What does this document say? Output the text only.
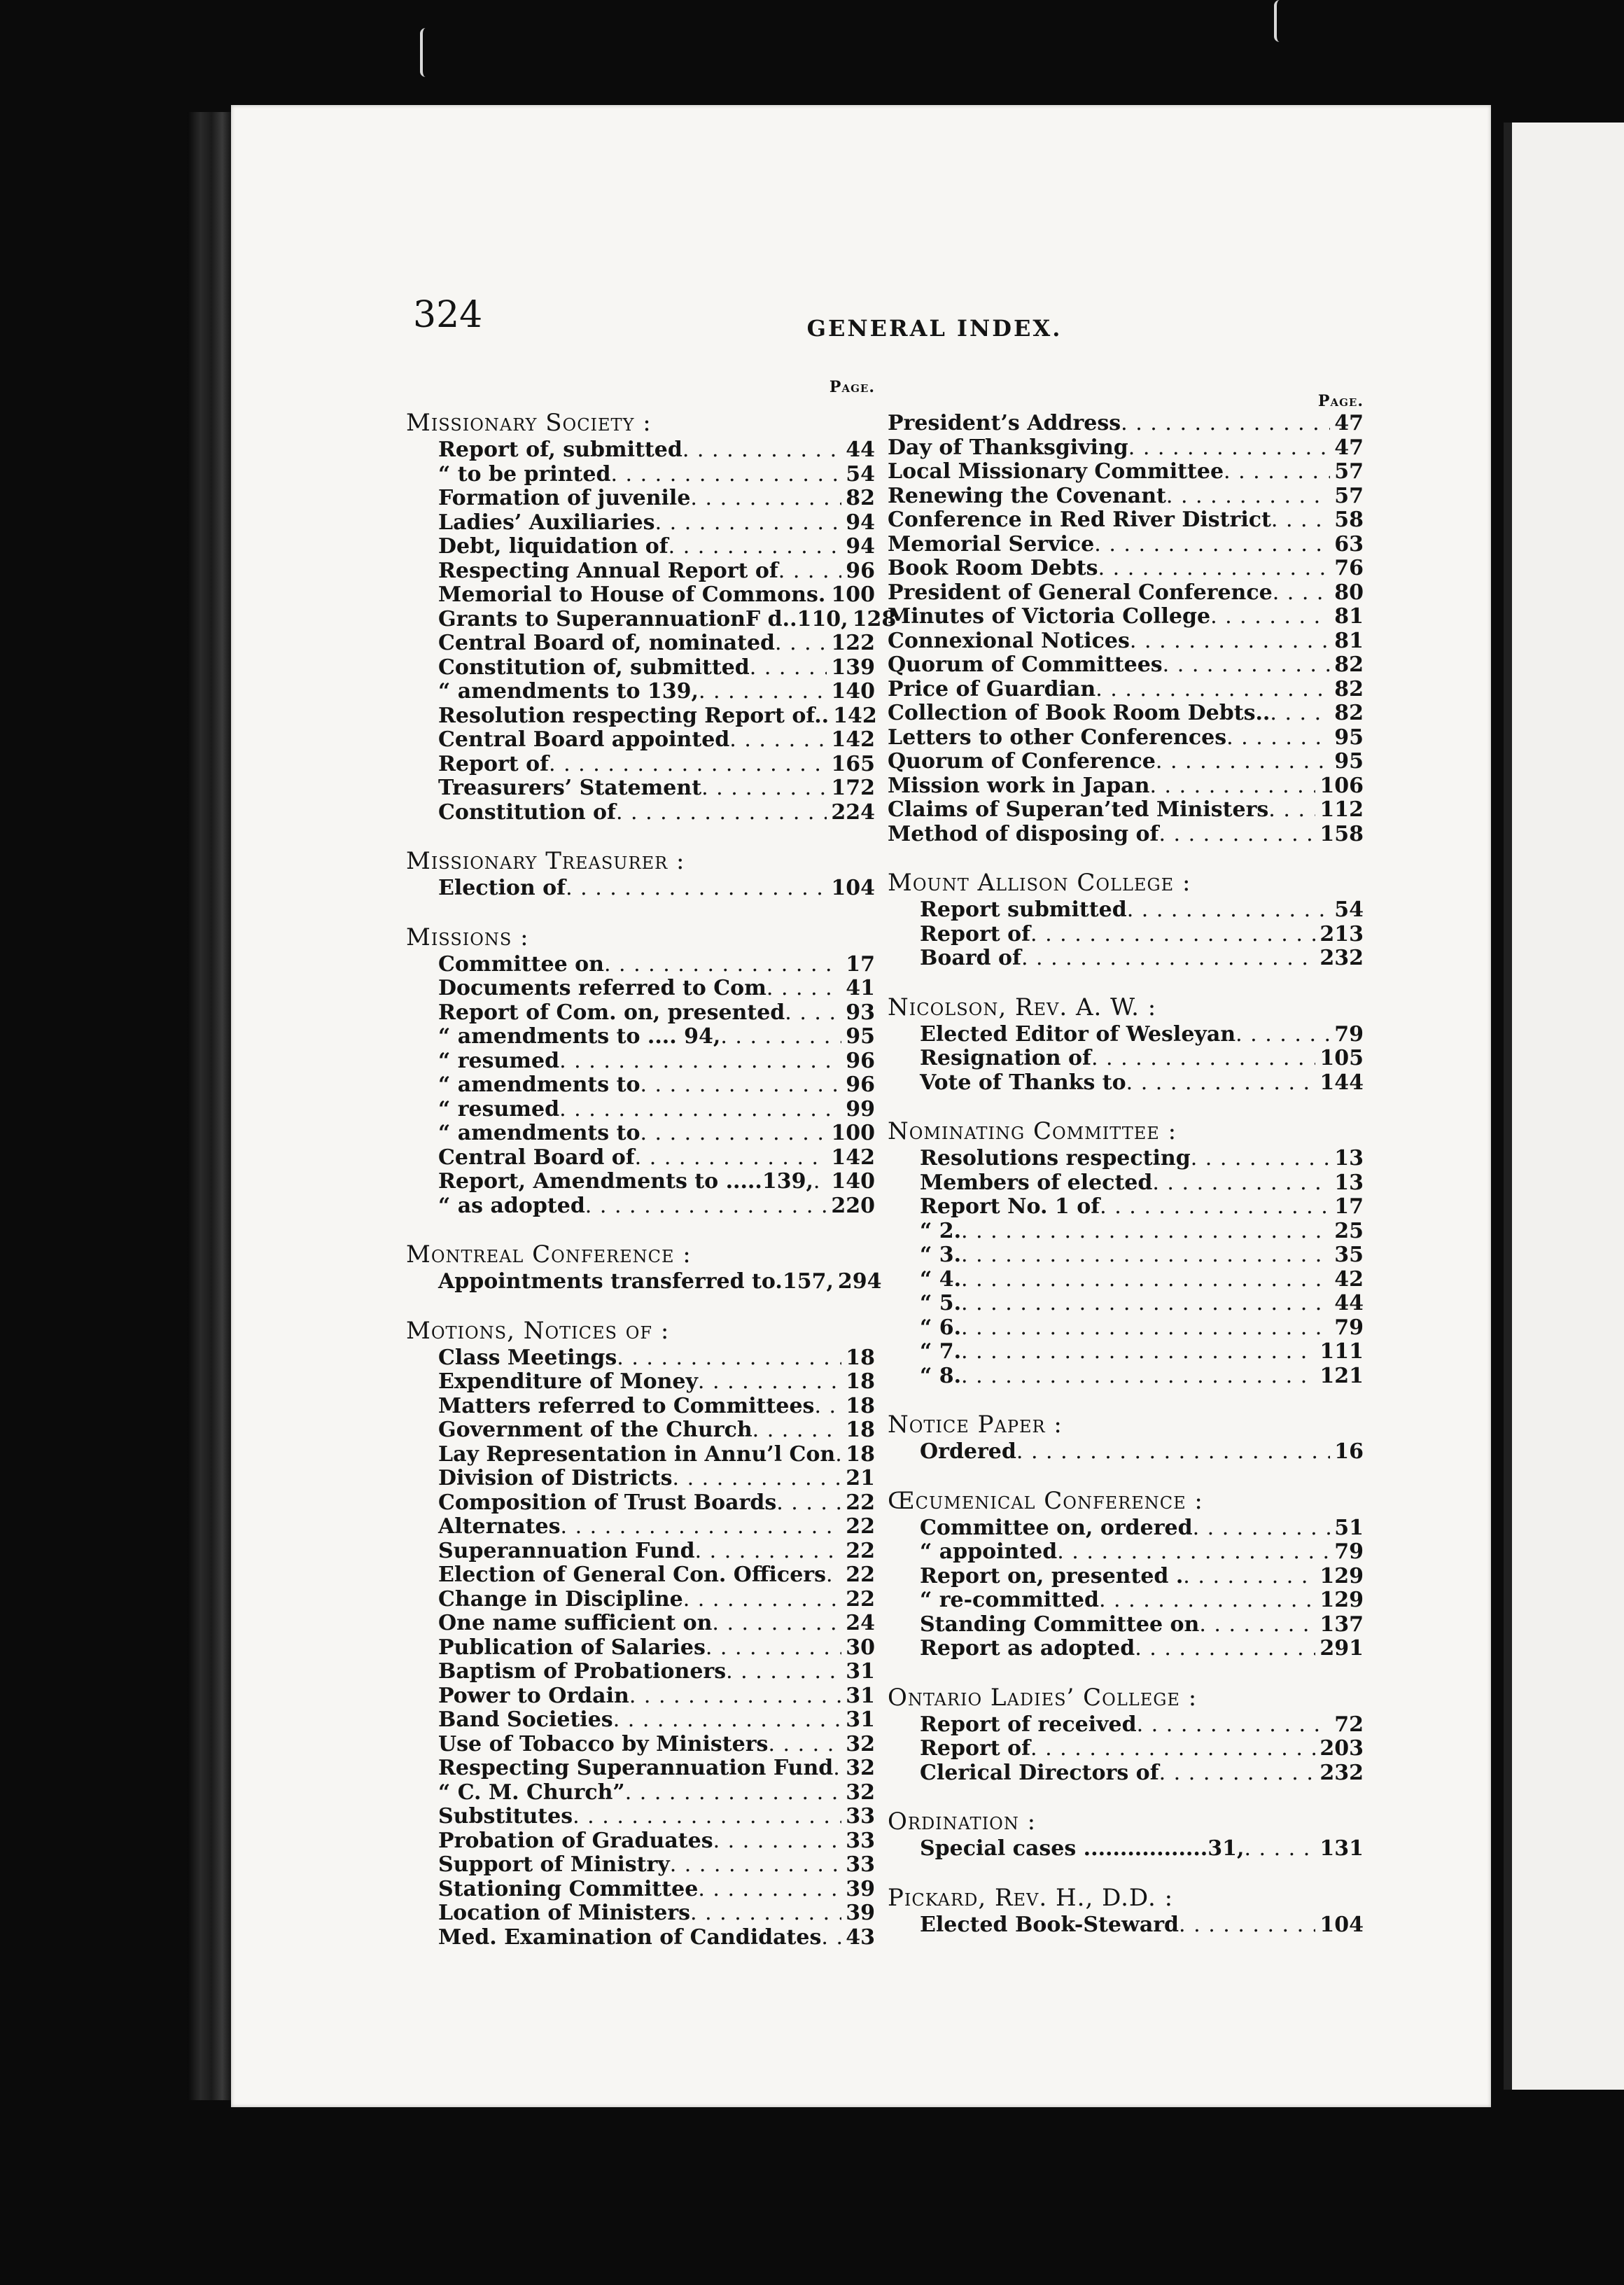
324	GENERAL INDEX.
Page.
Missionary Society :
Report of, submitted . . .	44
“ to be printed . . .	54
Formation of juvenile . . .	82
Ladies’ Auxiliaries . . .	94
Debt, liquidation of . . .	94
Respecting Annual Report of . . .	96
Memorial to House of Commons. . . . 100
Grants to SuperannuationF d..110, 128
Central Board of, nominated . . .	122
Constitution of, submitted . . .	139
“ amendments to 139, . . .	140
Resolution respecting Report of.. 142
Central Board appointed . . .	142
Report of . . .	165
Treasurers’ Statement . . .	172
Constitution of . . .	224
Missionary Treasurer :
Election of . . .	104
Missions :
Committee on . . .	17
Documents referred to Com . . .	41
Report of Com. on, presented . . .	93
“ amendments to .... 94, . . .	95
“ resumed . . .	96
“ amendments to . . .	96
“ resumed . . .	99
“ amendments to . . .	100
Central Board of . . .	142
Report, Amendments to .....139, . . . 140
“ as adopted . . .	220
Montreal Conference :
Appointments transferred to.157, 294
Motions, Notices of :
Class Meetings . . .	18
Expenditure of Money . . .	18
Matters referred to Committees . . . 18
Government of the Church . . .	18
Lay Representation in Annu’l Con . . . 18
Division of Districts . . .	21
Composition of Trust Boards . . .	22
Alternates . . .	22
Superannuation Fund . . .	22
Election of General Con. Officers . . . 22
Change in Discipline . . .	22
One name sufficient on . . .	24
Publication of Salaries . . .	30
Baptism of Probationers . . .	31
Power to Ordain . . .	31
Band Societies . . .	31
Use of Tobacco by Ministers . . .	32
Respecting Superannuation Fund . . . 32
“ C. M. Church” . . .	32
Substitutes . . .	33
Probation of Graduates . . .	33
Support of Ministry . . .	33
Stationing Committee . . .	39
Location of Ministers . . .	39
Med. Examination of Candidates . . . 43
Page.
President’s Address . . .	47
Day of Thanksgiving . . .	47
Local Missionary Committee . . .	57
Renewing the Covenant . . .	57
Conference in Red River District . . .	58
Memorial Service . . .	63
Book Room Debts . . .	76
President of General Conference . . .	80
Minutes of Victoria College . . .	81
Connexional Notices . . .	81
Quorum of Committees . . .	82
Price of Guardian . . .	82
Collection of Book Room Debts.. . . .	82
Letters to other Conferences . . .	95
Quorum of Conference . . .	95
Mission work in Japan . . .	106
Claims of Superan’ted Ministers . . . 112
Method of disposing of . . .	158
Mount Allison College :
Report submitted . . .	54
Report of . . .	213
Board of . . .	232
Nicolson, Rev. A. W. :
Elected Editor of Wesleyan . . .	79
Resignation of . . .	105
Vote of Thanks to . . .	144
Nominating Committee :
Resolutions respecting . . .	13
Members of elected . . .	13
Report No. 1 of . . .	17
“ 2. . . .	25
“ 3. . . .	35
“ 4. . . .	42
“ 5. . . .	44
“ 6. . . .	79
“ 7. . . .	111
“ 8. . . .	121
Notice Paper :
Ordered . . .	16
Œcumenical Conference :
Committee on, ordered . . .	51
“ appointed . . .	79
Report on, presented . . . .	129
“ re-committed . . .	129
Standing Committee on . . .	137
Report as adopted . . .	291
Ontario Ladies’ College :
Report of received . . .	72
Report of . . .	203
Clerical Directors of . . .	232
Ordination :
Special cases .................31, . . .	131
Pickard, Rev. H., D.D. :
Elected Book-Steward . . .	104
